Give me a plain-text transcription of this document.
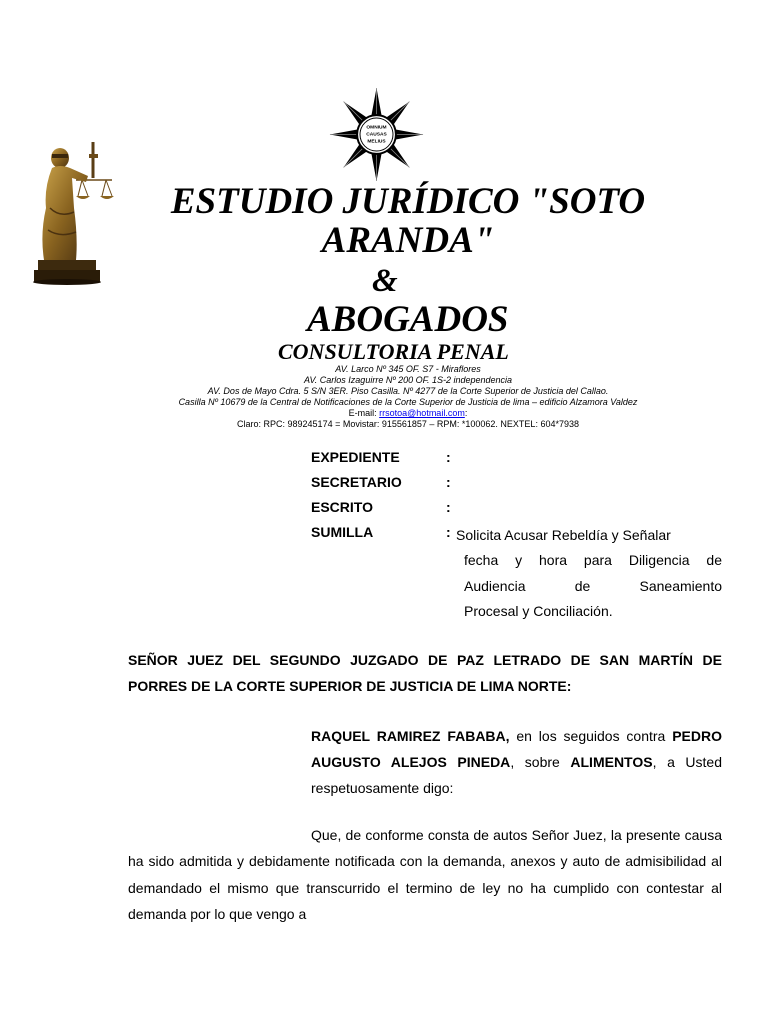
OMNIUM
CAUSAS
MELIUS
ESTUDIO JURÍDICO "SOTO
ARANDA"
&
ABOGADOS
CONSULTORIA PENAL
AV. Larco Nº 345 OF. S7 - Miraflores
AV. Carlos Izaguirre Nº 200 OF. 1S-2 independencia
AV. Dos de Mayo Cdra. 5 S/N 3ER. Piso Casilla. Nº 4277 de la Corte Superior de Justicia del Callao.
Casilla Nº 10679 de la Central de Notificaciones de la Corte Superior de Justicia de lima – edificio Alzamora Valdez
E-mail: rrsotoa@hotmail.com:
Claro: RPC: 989245174 = Movistar: 915561857 – RPM: *100062. NEXTEL: 604*7938
EXPEDIENTE	:
SECRETARIO	:
ESCRITO	:
SUMILLA	: Solicita Acusar Rebeldía y Señalar
fecha y hora para Diligencia de
Audiencia de Saneamiento
Procesal y Conciliación.
SEÑOR JUEZ DEL SEGUNDO JUZGADO DE PAZ LETRADO DE SAN MARTÍN DE PORRES DE LA CORTE SUPERIOR DE JUSTICIA DE LIMA NORTE:
RAQUEL RAMIREZ FABABA, en los seguidos contra PEDRO AUGUSTO ALEJOS PINEDA, sobre ALIMENTOS, a Usted respetuosamente digo:
Que, de conforme consta de autos Señor Juez, la presente causa ha sido admitida y debidamente notificada con la demanda, anexos y auto de admisibilidad al demandado el mismo que transcurrido el termino de ley no ha cumplido con contestar al demanda por lo que vengo a
